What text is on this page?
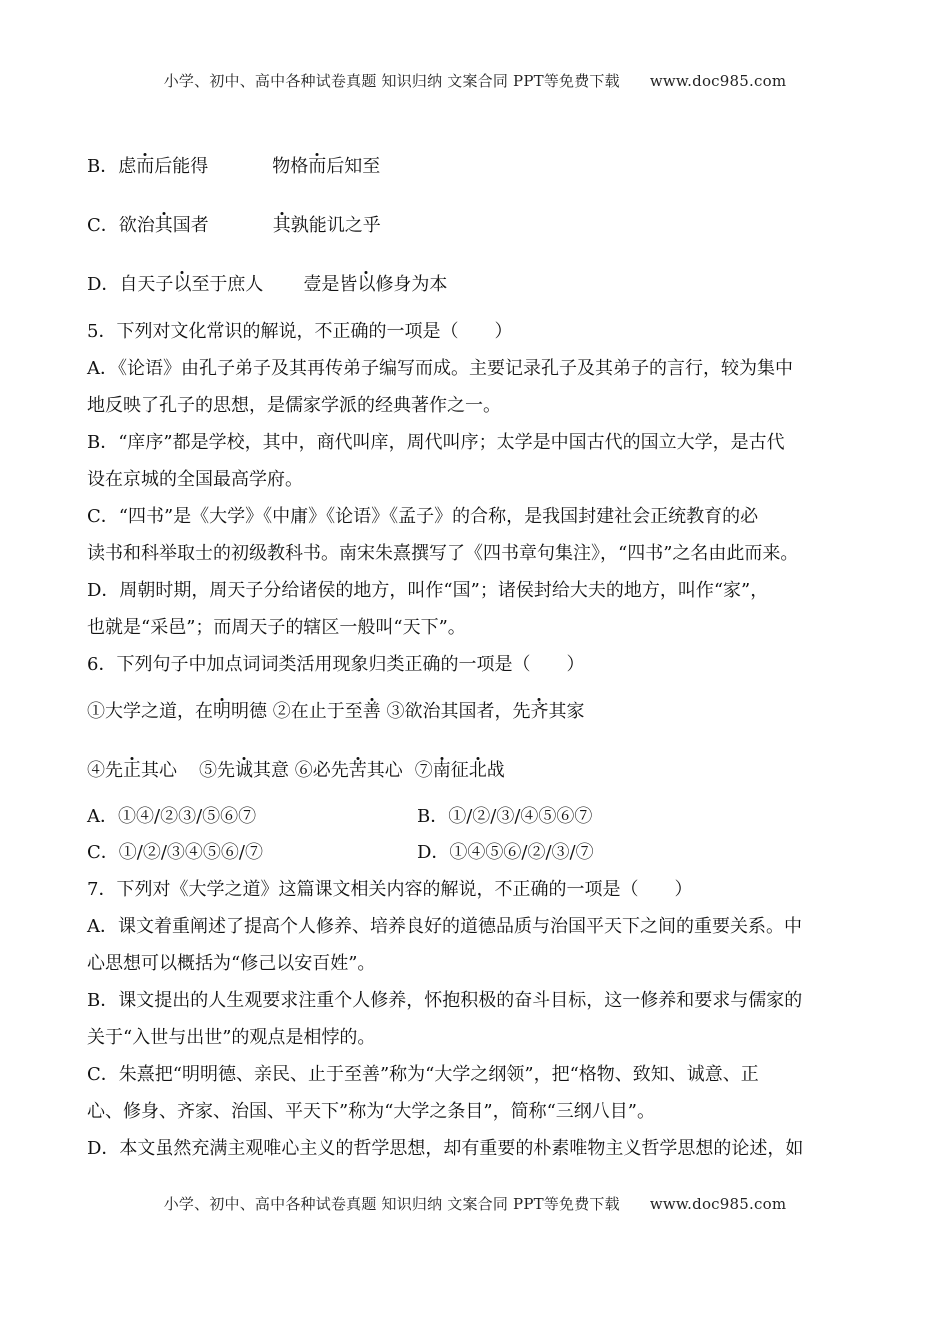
小学、初中、高中各种试卷真题 知识归纳 文案合同 PPT等免费下载 www.doc985.com
B．虑而后能得	物格而后知至
C．欲治其国者	其孰能讥之乎
D．自天子以至于庶人 壹是皆以修身为本
5．下列对文化常识的解说，不正确的一项是（　　）
A．《论语》由孔子弟子及其再传弟子编写而成。主要记录孔子及其弟子的言行，较为集中
地反映了孔子的思想，是儒家学派的经典著作之一。
B．“庠序”都是学校，其中，商代叫庠，周代叫序；太学是中国古代的国立大学，是古代
设在京城的全国最高学府。
C．“四书”是《大学》《中庸》《论语》《孟子》的合称，是我国封建社会正统教育的必
读书和科举取士的初级教科书。南宋朱熹撰写了《四书章句集注》，“四书”之名由此而来。
D．周朝时期，周天子分给诸侯的地方，叫作“国”；诸侯封给大夫的地方，叫作“家”，
也就是“采邑”；而周天子的辖区一般叫“天下”。
6．下列句子中加点词词类活用现象归类正确的一项是（　　）
①大学之道，在明明德 ②在止于至善 ③欲治其国者，先齐其家
④先正其心 ⑤先诚其意 ⑥必先苦其心 ⑦南征北战
A．①④/②③/⑤⑥⑦	B．①/②/③/④⑤⑥⑦
C．①/②/③④⑤⑥/⑦	D．①④⑤⑥/②/③/⑦
7．下列对《大学之道》这篇课文相关内容的解说，不正确的一项是（　　）
A．课文着重阐述了提高个人修养、培养良好的道德品质与治国平天下之间的重要关系。中
心思想可以概括为“修己以安百姓”。
B．课文提出的人生观要求注重个人修养，怀抱积极的奋斗目标，这一修养和要求与儒家的
关于“入世与出世”的观点是相悖的。
C．朱熹把“明明德、亲民、止于至善”称为“大学之纲领”，把“格物、致知、诚意、正
心、修身、齐家、治国、平天下”称为“大学之条目”，简称“三纲八目”。
D．本文虽然充满主观唯心主义的哲学思想，却有重要的朴素唯物主义哲学思想的论述，如
小学、初中、高中各种试卷真题 知识归纳 文案合同 PPT等免费下载 www.doc985.com
